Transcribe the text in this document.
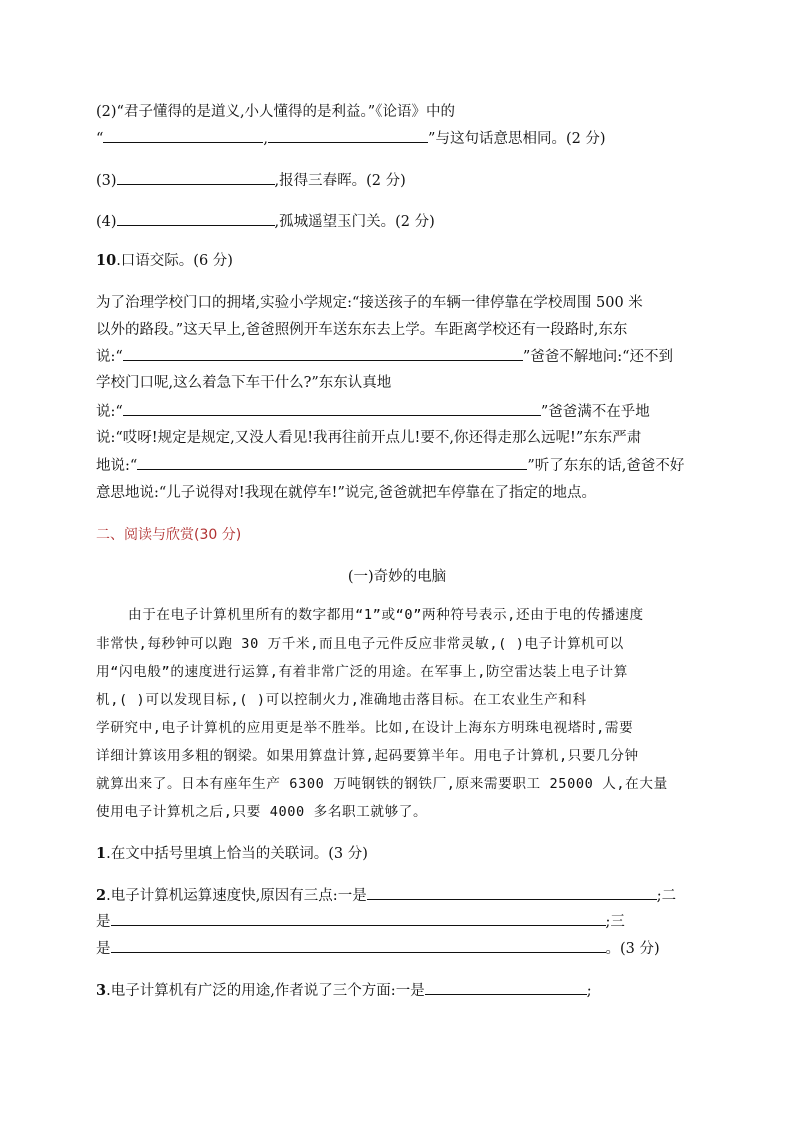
(2)“君子懂得的是道义,小人懂得的是利益。”《论语》中的
“	,	”与这句话意思相同。(2 分)
(3)	,报得三春晖。(2 分)
(4)	,孤城遥望玉门关。(2 分)
10.口语交际。(6 分)
为了治理学校门口的拥堵,实验小学规定:“接送孩子的车辆一律停靠在学校周围 500 米
以外的路段。”这天早上,爸爸照例开车送东东去上学。车距离学校还有一段路时,东东
说:“	”爸爸不解地问:“还不到
学校门口呢,这么着急下车干什么?”东东认真地
说:“	”爸爸满不在乎地
说:“哎呀!规定是规定,又没人看见!我再往前开点儿!要不,你还得走那么远呢!”东东严肃
地说:“	”听了东东的话,爸爸不好
意思地说:“儿子说得对!我现在就停车!”说完,爸爸就把车停靠在了指定的地点。
二、阅读与欣赏(30 分)
(一)奇妙的电脑
由于在电子计算机里所有的数字都用“1”或“0”两种符号表示,还由于电的传播速度
非常快,每秒钟可以跑 30 万千米,而且电子元件反应非常灵敏,( )电子计算机可以
用“闪电般”的速度进行运算,有着非常广泛的用途。在军事上,防空雷达装上电子计算
机,( )可以发现目标,( )可以控制火力,准确地击落目标。在工农业生产和科
学研究中,电子计算机的应用更是举不胜举。比如,在设计上海东方明珠电视塔时,需要
详细计算该用多粗的钢梁。如果用算盘计算,起码要算半年。用电子计算机,只要几分钟
就算出来了。日本有座年生产 6300 万吨钢铁的钢铁厂,原来需要职工 25000 人,在大量
使用电子计算机之后,只要 4000 多名职工就够了。
1.在文中括号里填上恰当的关联词。(3 分)
2.电子计算机运算速度快,原因有三点:一是	;二
是	;三
是	。(3 分)
3.电子计算机有广泛的用途,作者说了三个方面:一是	;
